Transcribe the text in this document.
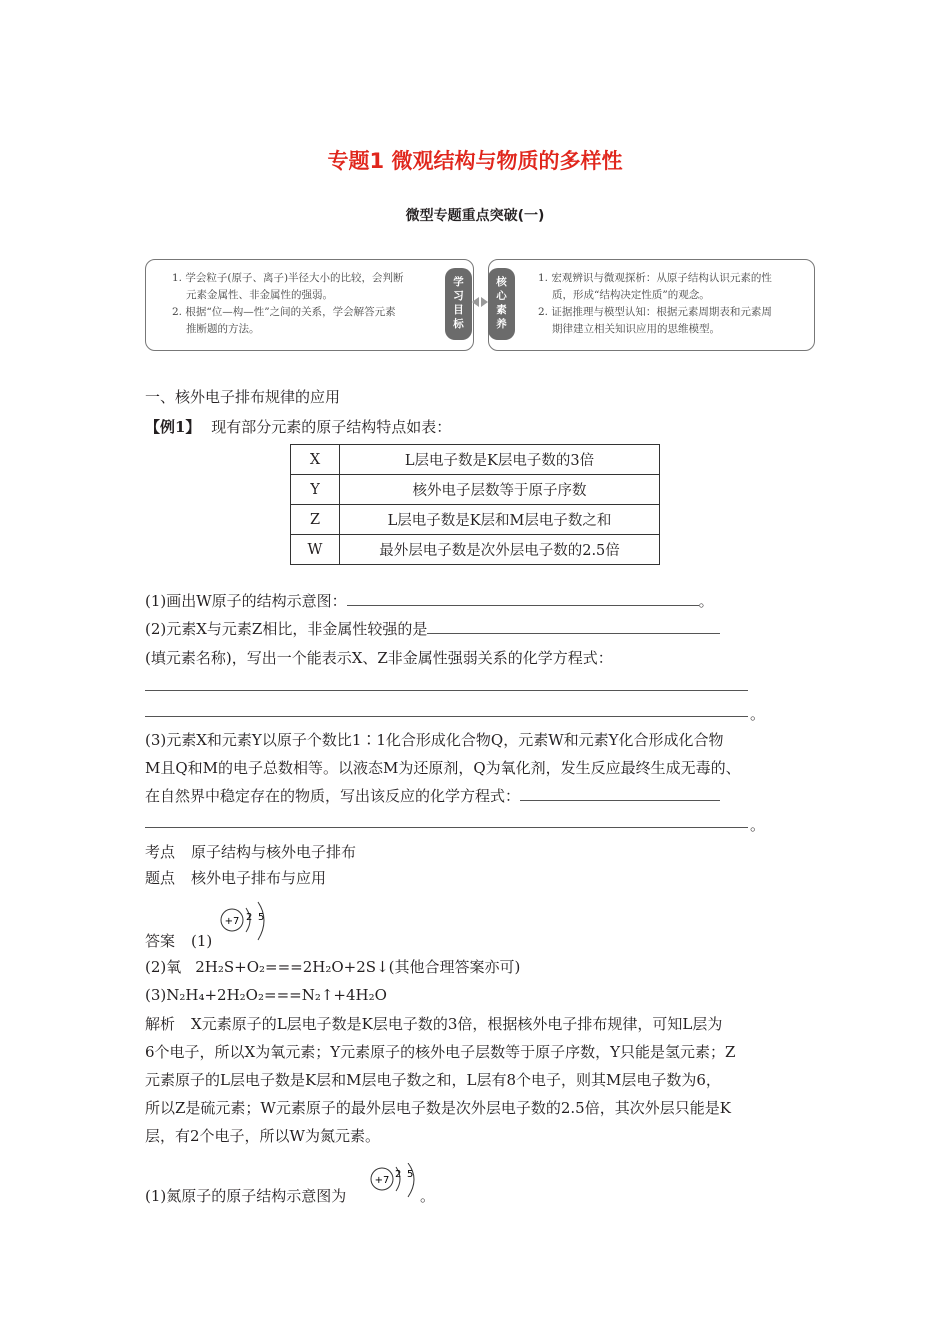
专题1 微观结构与物质的多样性
微型专题重点突破(一)
1. 学会粒子(原子、离子)半径大小的比较，会判断
元素金属性、非金属性的强弱。
2. 根据“位—构—性”之间的关系，学会解答元素
推断题的方法。
学
习
目
标
核
心
素
养
1. 宏观辨识与微观探析：从原子结构认识元素的性
质，形成“结构决定性质”的观念。
2. 证据推理与模型认知：根据元素周期表和元素周
期律建立相关知识应用的思维模型。
一、核外电子排布规律的应用
【例1】 现有部分元素的原子结构特点如表：
X	L层电子数是K层电子数的3倍
Y	核外电子层数等于原子序数
Z	L层电子数是K层和M层电子数之和
W	最外层电子数是次外层电子数的2.5倍
(1)画出W原子的结构示意图：	。
(2)元素X与元素Z相比，非金属性较强的是
(填元素名称)，写出一个能表示X、Z非金属性强弱关系的化学方程式：
。
(3)元素X和元素Y以原子个数比1∶1化合形成化合物Q，元素W和元素Y化合形成化合物
M且Q和M的电子总数相等。以液态M为还原剂，Q为氧化剂，发生反应最终生成无毒的、
在自然界中稳定存在的物质，写出该反应的化学方程式：
。
考点 原子结构与核外电子排布
题点 核外电子排布与应用
答案 (1)
+7 2 5
(2)氧 2H₂S+O₂===2H₂O+2S↓(其他合理答案亦可)
(3)N₂H₄+2H₂O₂===N₂↑+4H₂O
解析 X元素原子的L层电子数是K层电子数的3倍，根据核外电子排布规律，可知L层为
6个电子，所以X为氧元素；Y元素原子的核外电子层数等于原子序数，Y只能是氢元素；Z
元素原子的L层电子数是K层和M层电子数之和，L层有8个电子，则其M层电子数为6，
所以Z是硫元素；W元素原子的最外层电子数是次外层电子数的2.5倍，其次外层只能是K
层，有2个电子，所以W为氮元素。
(1)氮原子的原子结构示意图为
+7
2 5
。
